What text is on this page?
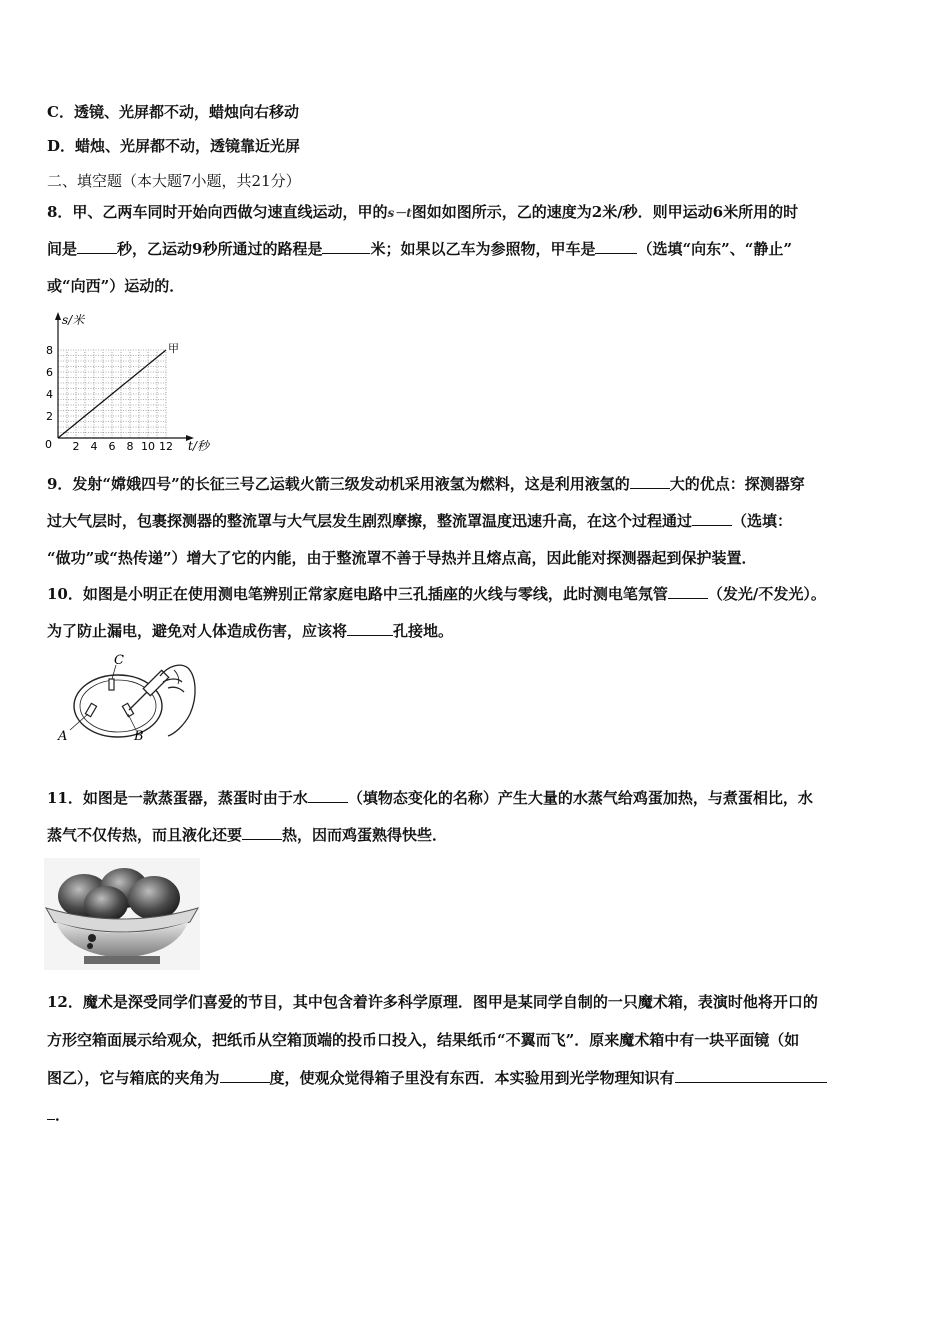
C．透镜、光屏都不动，蜡烛向右移动
D．蜡烛、光屏都不动，透镜靠近光屏
二、填空题（本大题7小题，共21分）
8．甲、乙两车同时开始向西做匀速直线运动，甲的s－t图如如图所示，乙的速度为2米/秒．则甲运动6米所用的时
间是	秒，乙运动9秒所通过的路程是	米；如果以乙车为参照物，甲车是	（选填“向东”、“静止”
或“向西”）运动的．
2 4 6 8 10 12
2
4
6
8
0
s/米
t/秒
甲
9．发射“嫦娥四号”的长征三号乙运载火箭三级发动机采用液氢为燃料，这是利用液氢的	大的优点：探测器穿
过大气层时，包裹探测器的整流罩与大气层发生剧烈摩擦，整流罩温度迅速升高，在这个过程通过	（选填：
“做功”或“热传递”）增大了它的内能，由于整流罩不善于导热并且熔点高，因此能对探测器起到保护装置．
10．如图是小明正在使用测电笔辨别正常家庭电路中三孔插座的火线与零线，此时测电笔氖管	（发光/不发光）。
为了防止漏电，避免对人体造成伤害，应该将	孔接地。
C
A	B
11．如图是一款蒸蛋器，蒸蛋时由于水	（填物态变化的名称）产生大量的水蒸气给鸡蛋加热，与煮蛋相比，水
蒸气不仅传热，而且液化还要	热，因而鸡蛋熟得快些．
12．魔术是深受同学们喜爱的节目，其中包含着许多科学原理．图甲是某同学自制的一只魔术箱，表演时他将开口的
方形空箱面展示给观众，把纸币从空箱顶端的投币口投入，结果纸币“不翼而飞”．原来魔术箱中有一块平面镜（如
图乙），它与箱底的夹角为	度，使观众觉得箱子里没有东西．本实验用到光学物理知识有
．
